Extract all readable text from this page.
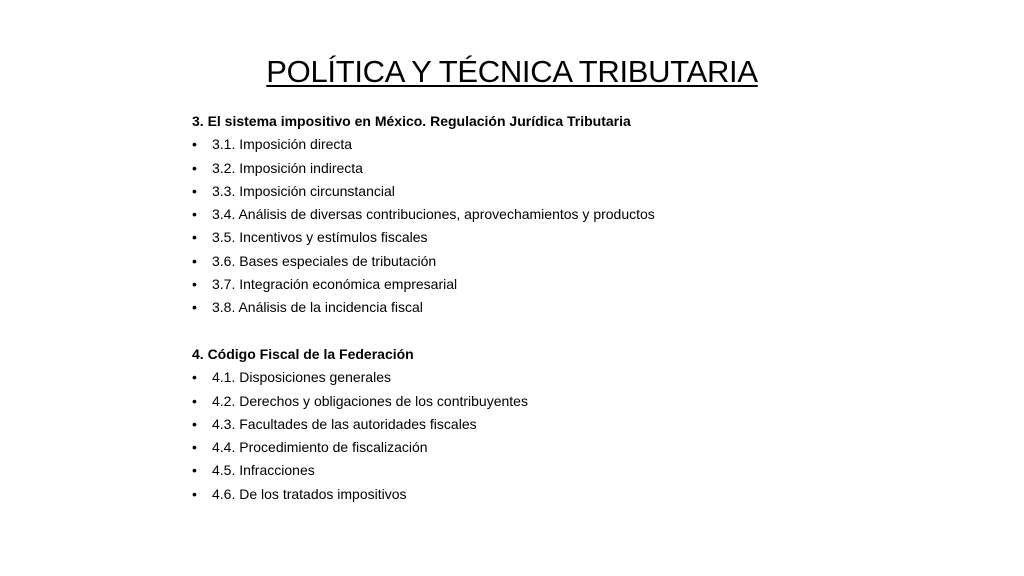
POLÍTICA Y TÉCNICA TRIBUTARIA
3. El sistema impositivo en México. Regulación Jurídica Tributaria
• 3.1. Imposición directa
• 3.2. Imposición indirecta
• 3.3. Imposición circunstancial
• 3.4. Análisis de diversas contribuciones, aprovechamientos y productos
• 3.5. Incentivos y estímulos fiscales
• 3.6. Bases especiales de tributación
• 3.7. Integración económica empresarial
• 3.8. Análisis de la incidencia fiscal
4. Código Fiscal de la Federación
• 4.1. Disposiciones generales
• 4.2. Derechos y obligaciones de los contribuyentes
• 4.3. Facultades de las autoridades fiscales
• 4.4. Procedimiento de fiscalización
• 4.5. Infracciones
• 4.6. De los tratados impositivos
